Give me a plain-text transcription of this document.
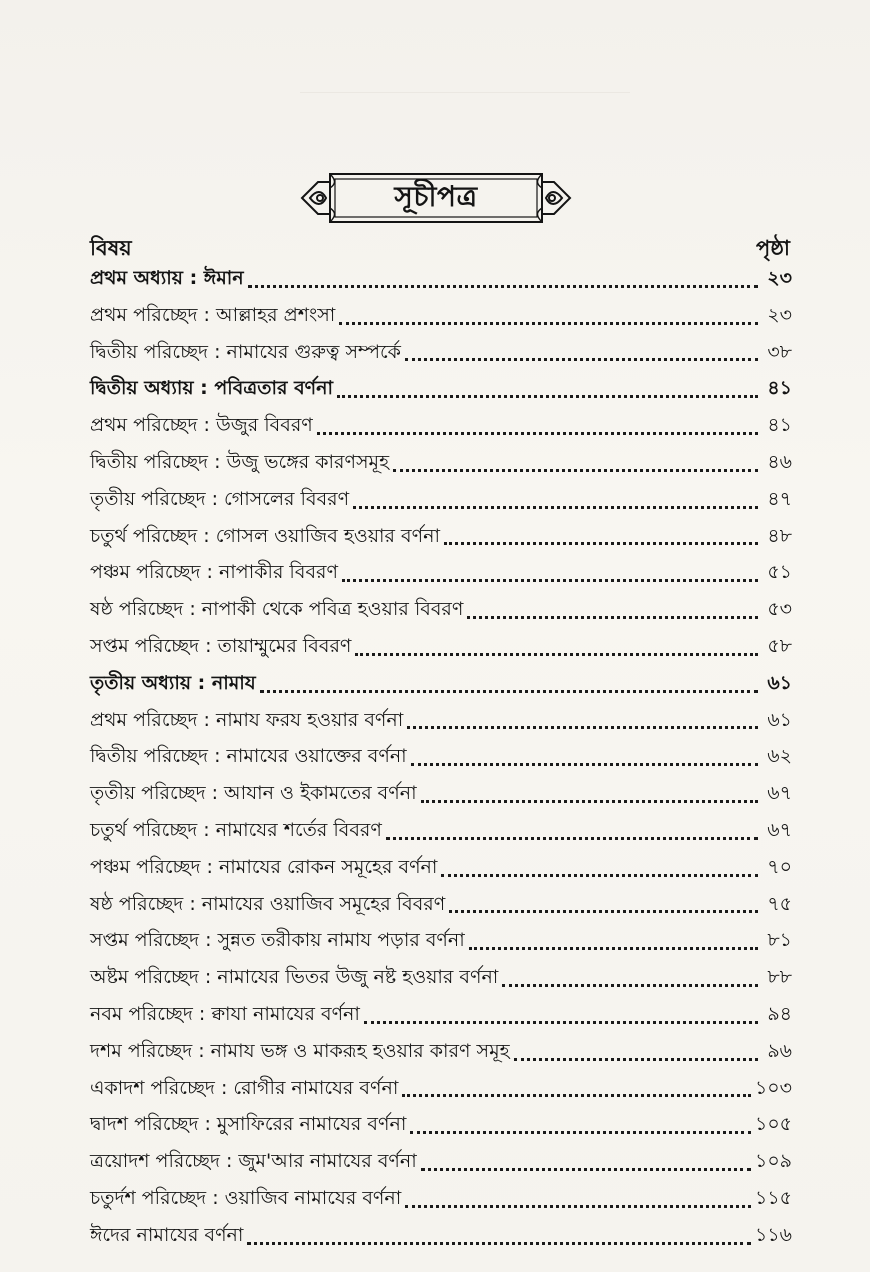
সূচীপত্র
বিষয়	পৃষ্ঠা
প্রথম অধ্যায় : ঈমান	২৩
প্রথম পরিচ্ছেদ : আল্লাহর প্রশংসা	২৩
দ্বিতীয় পরিচ্ছেদ : নামাযের গুরুত্ব সম্পর্কে	৩৮
দ্বিতীয় অধ্যায় : পবিত্রতার বর্ণনা	৪১
প্রথম পরিচ্ছেদ : উজুর বিবরণ	৪১
দ্বিতীয় পরিচ্ছেদ : উজু ভঙ্গের কারণসমূহ	৪৬
তৃতীয় পরিচ্ছেদ : গোসলের বিবরণ	৪৭
চতুর্থ পরিচ্ছেদ : গোসল ওয়াজিব হওয়ার বর্ণনা	৪৮
পঞ্চম পরিচ্ছেদ : নাপাকীর বিবরণ	৫১
ষষ্ঠ পরিচ্ছেদ : নাপাকী থেকে পবিত্র হওয়ার বিবরণ	৫৩
সপ্তম পরিচ্ছেদ : তায়াম্মুমের বিবরণ	৫৮
তৃতীয় অধ্যায় : নামায	৬১
প্রথম পরিচ্ছেদ : নামায ফরয হওয়ার বর্ণনা	৬১
দ্বিতীয় পরিচ্ছেদ : নামাযের ওয়াক্তের বর্ণনা	৬২
তৃতীয় পরিচ্ছেদ : আযান ও ইকামতের বর্ণনা	৬৭
চতুর্থ পরিচ্ছেদ : নামাযের শর্তের বিবরণ	৬৭
পঞ্চম পরিচ্ছেদ : নামাযের রোকন সমূহের বর্ণনা	৭০
ষষ্ঠ পরিচ্ছেদ : নামাযের ওয়াজিব সমূহের বিবরণ	৭৫
সপ্তম পরিচ্ছেদ : সুন্নত তরীকায় নামায পড়ার বর্ণনা	৮১
অষ্টম পরিচ্ছেদ : নামাযের ভিতর উজু নষ্ট হওয়ার বর্ণনা	৮৮
নবম পরিচ্ছেদ : ক্বাযা নামাযের বর্ণনা	৯৪
দশম পরিচ্ছেদ : নামায ভঙ্গ ও মাকরূহ হওয়ার কারণ সমূহ	৯৬
একাদশ পরিচ্ছেদ : রোগীর নামাযের বর্ণনা	১০৩
দ্বাদশ পরিচ্ছেদ : মুসাফিরের নামাযের বর্ণনা	১০৫
ত্রয়োদশ পরিচ্ছেদ : জুম'আর নামাযের বর্ণনা	১০৯
চতুর্দশ পরিচ্ছেদ : ওয়াজিব নামাযের বর্ণনা	১১৫
ঈদের নামাযের বর্ণনা	১১৬
